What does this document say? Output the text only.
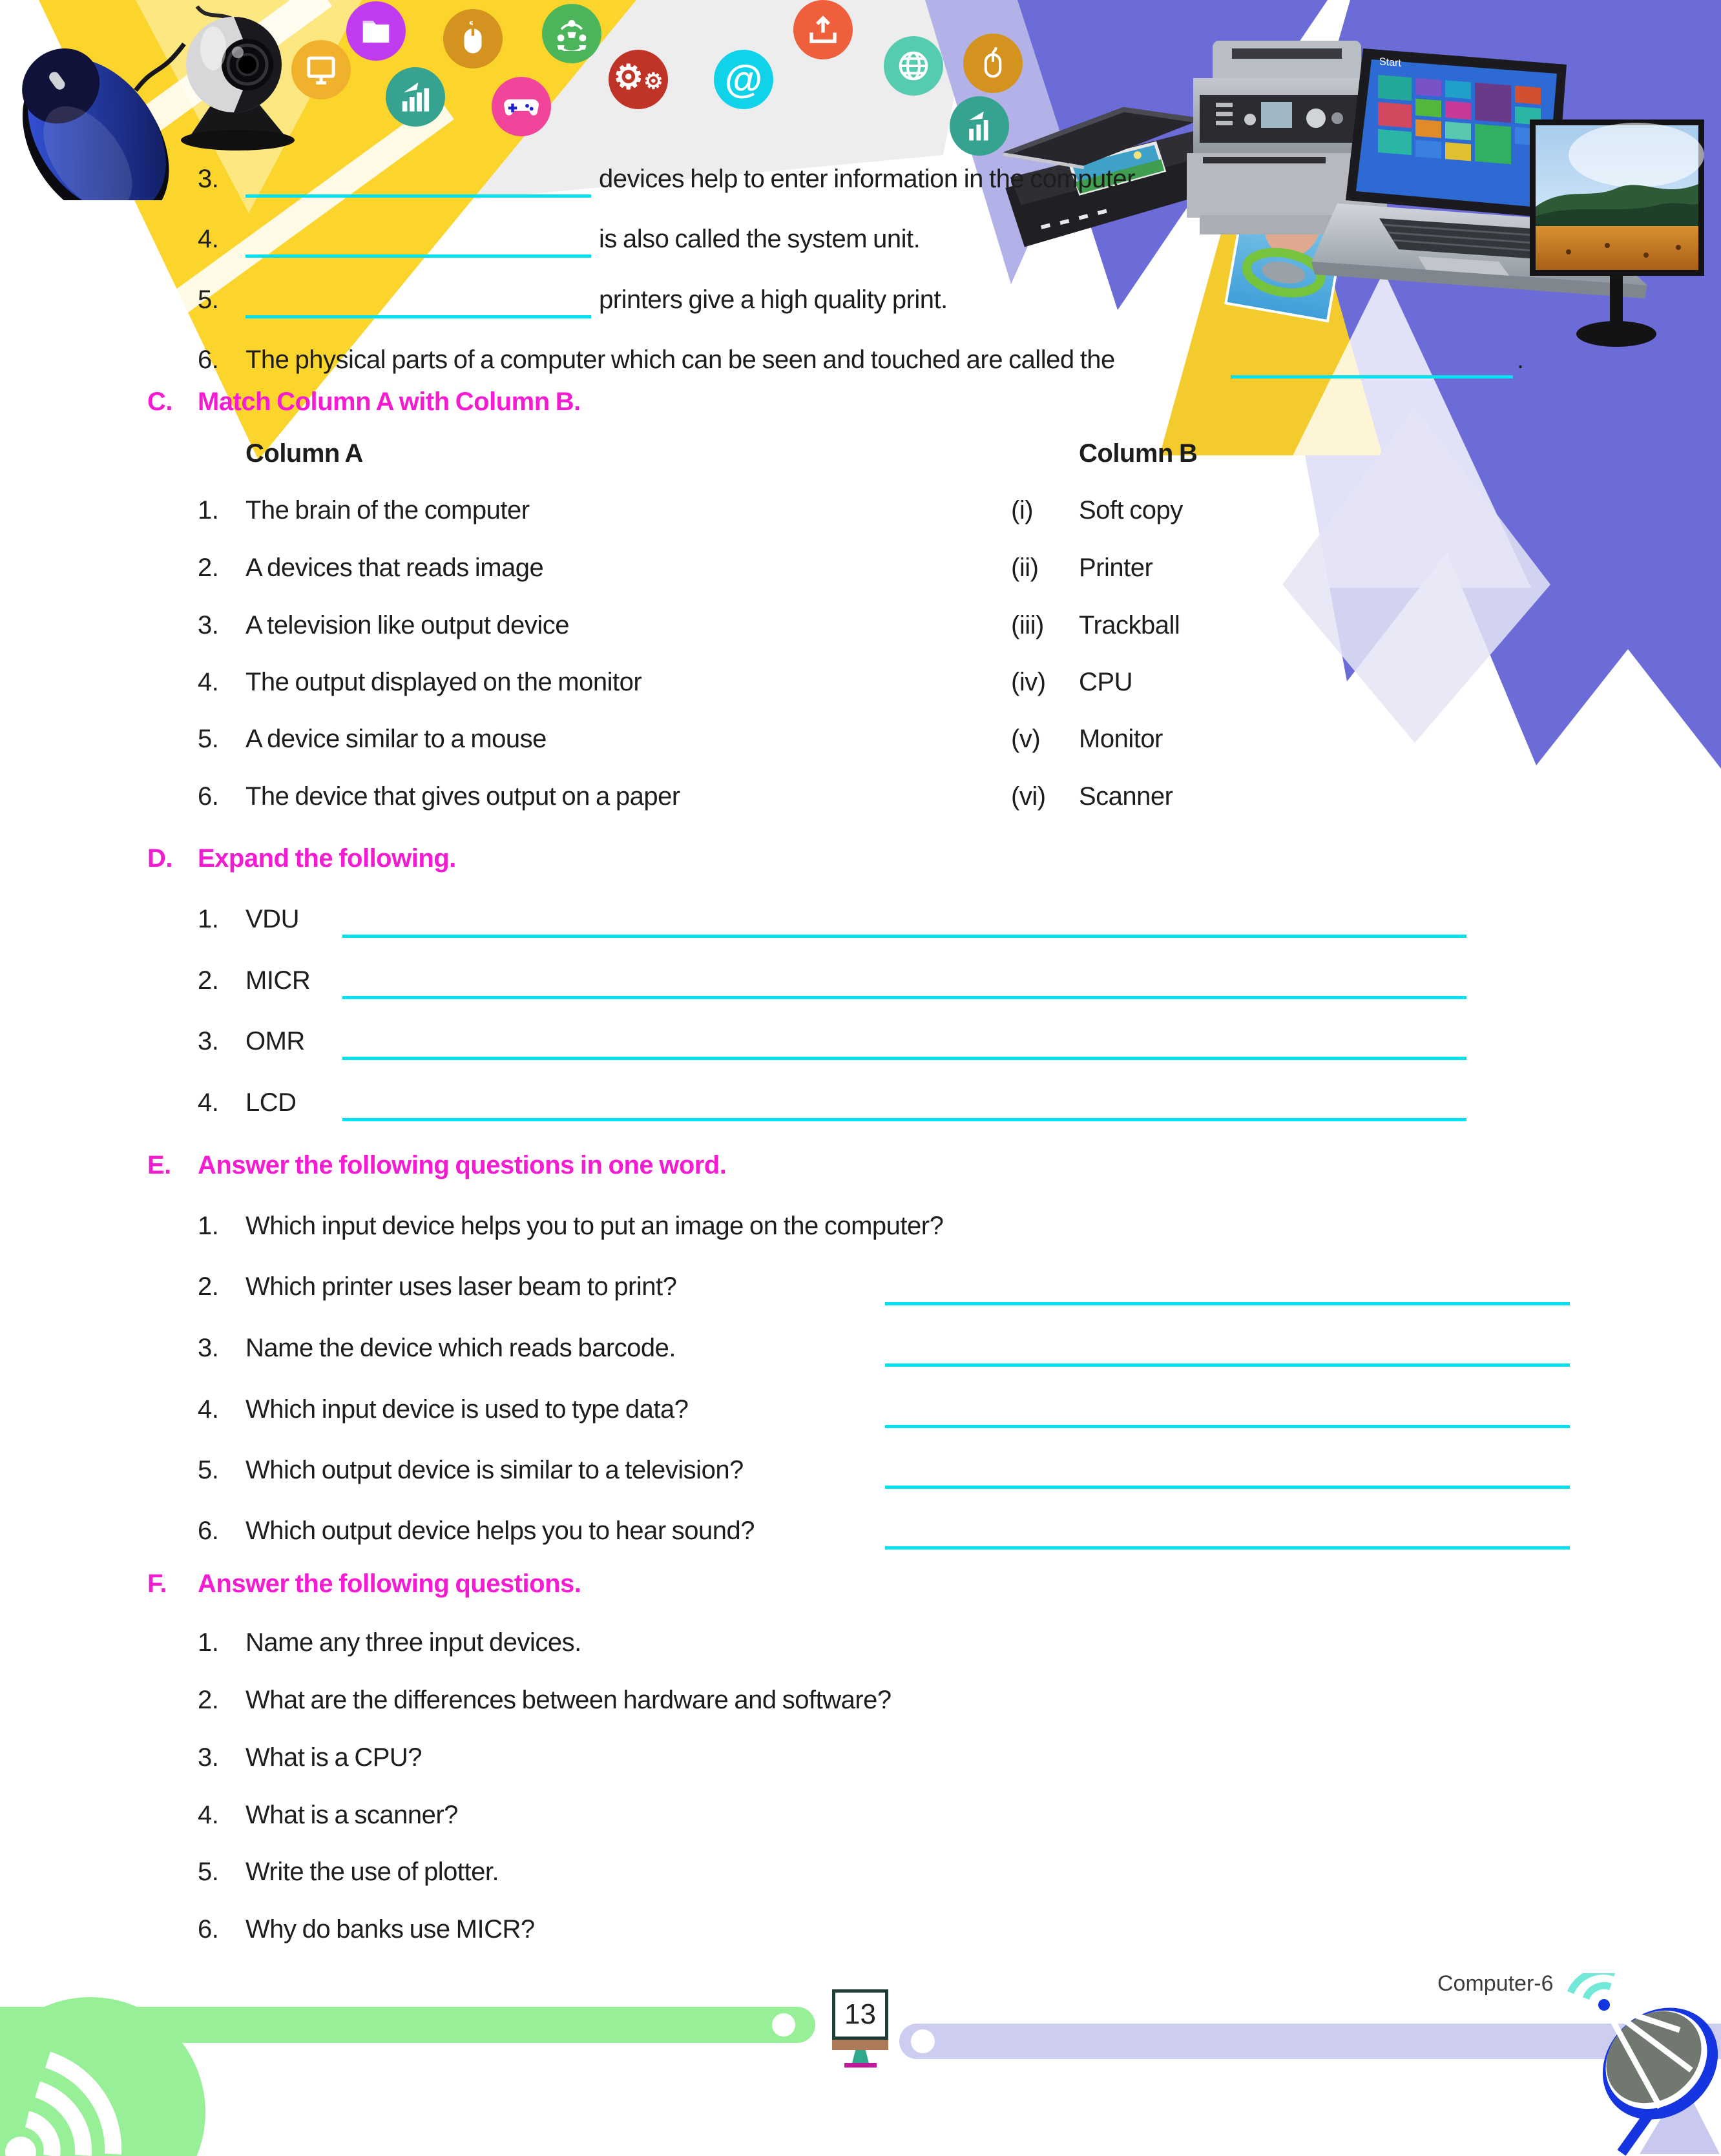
Start
⚙⚙ @
3.	devices help to enter information in the computer.
4.	is also called the system unit.
5.	printers give a high quality print.
6. The physical parts of a computer which can be seen and touched are called the	.
C. Match Column A with Column B.
Column A	Column B
1. The brain of the computer	(i) Soft copy
2. A devices that reads image	(ii) Printer
3. A television like output device	(iii) Trackball
4. The output displayed on the monitor	(iv) CPU
5. A device similar to a mouse	(v) Monitor
6. The device that gives output on a paper	(vi) Scanner
D. Expand the following.
1. VDU
2. MICR
3. OMR
4. LCD
E. Answer the following questions in one word.
1. Which input device helps you to put an image on the computer?
2. Which printer uses laser beam to print?
3. Name the device which reads barcode.
4. Which input device is used to type data?
5. Which output device is similar to a television?
6. Which output device helps you to hear sound?
F. Answer the following questions.
1. Name any three input devices.
2. What are the differences between hardware and software?
3. What is a CPU?
4. What is a scanner?
5. Write the use of plotter.
6. Why do banks use MICR?
13
Computer-6
